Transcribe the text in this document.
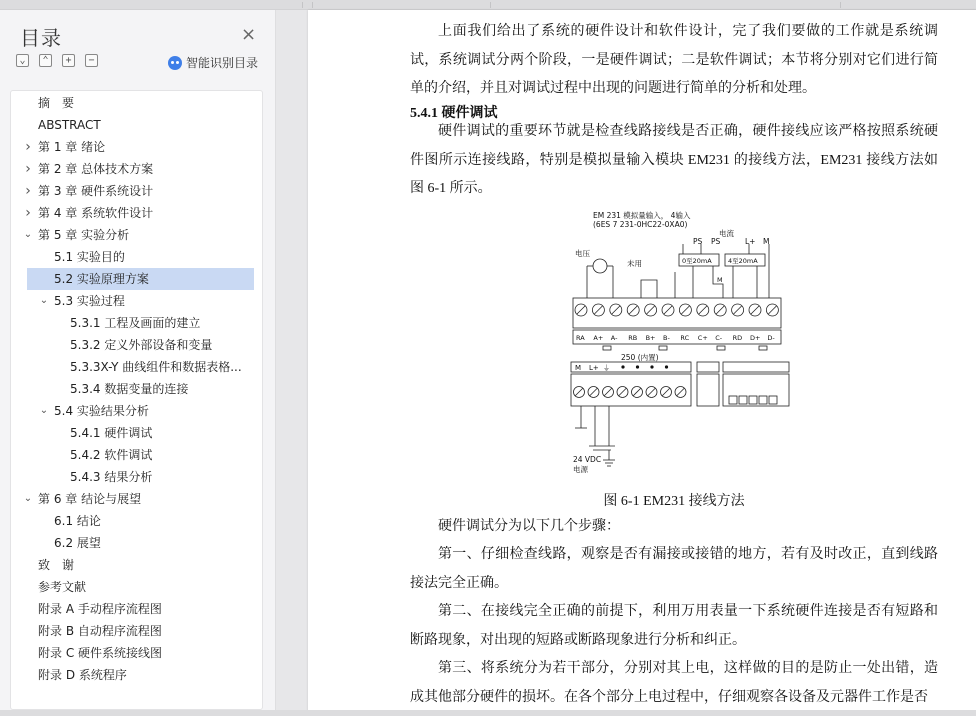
目录	×
⌄	⌃	+	−	智能识别目录
摘　要
ABSTRACT
› 第 1 章 绪论
› 第 2 章 总体技术方案
› 第 3 章 硬件系统设计
› 第 4 章 系统软件设计
⌄ 第 5 章 实验分析
5.1 实验目的
5.2 实验原理方案
⌄ 5.3 实验过程
5.3.1 工程及画面的建立
5.3.2 定义外部设备和变量
5.3.3X-Y 曲线组件和数据表格...
5.3.4 数据变量的连接
⌄ 5.4 实验结果分析
5.4.1 硬件调试
5.4.2 软件调试
5.4.3 结果分析
⌄ 第 6 章 结论与展望
6.1 结论
6.2 展望
致　谢
参考文献
附录 A 手动程序流程图
附录 B 自动程序流程图
附录 C 硬件系统接线图
附录 D 系统程序

上面我们给出了系统的硬件设计和软件设计，完了我们要做的工作就是系统调试，系统调试分两个阶段，一是硬件调试；二是软件调试；本节将分别对它们进行简单的介绍，并且对调试过程中出现的问题进行简单的分析和处理。

5.4.1 硬件调试

硬件调试的重要环节就是检查线路接线是否正确，硬件接线应该严格按照系统硬件图所示连接线路，特别是模拟量输入模块 EM231 的接线方法，EM231 接线方法如图 6-1 所示。

EM 231 模拟量输入， 4输入
(6ES 7 231-0HC22-0XA0)
电压
未用
电流
PS PS	L+ M
0至20mA	4至20mA
M
250 (内置)
24 VDC
电源
RA A+ A- RB B+ B- RC C+ C- RD D+ D-
M L+ ⏚
图 6-1 EM231 接线方法

硬件调试分为以下几个步骤：

第一、仔细检查线路，观察是否有漏接或接错的地方，若有及时改正，直到线路接法完全正确。

第二、在接线完全正确的前提下，利用万用表量一下系统硬件连接是否有短路和断路现象，对出现的短路或断路现象进行分析和纠正。

第三、将系统分为若干部分，分别对其上电，这样做的目的是防止一处出错，造成其他部分硬件的损坏。在各个部分上电过程中，仔细观察各设备及元器件工作是否
